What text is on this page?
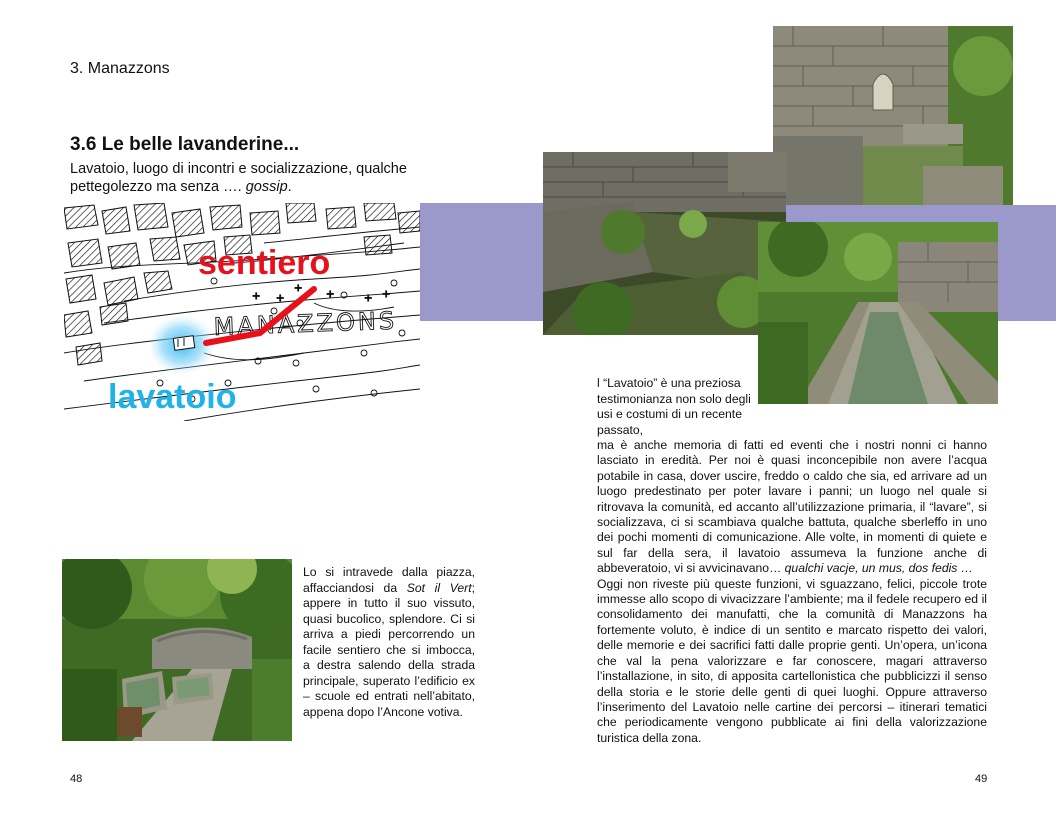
3. Manazzons
3.6 Le belle lavanderine...
Lavatoio, luogo di incontri e socializzazione, qualche pettegolezzo ma senza …. gossip.
+ +	+	+ +
+
MANAZZONS
sentiero
lavatoio
Lo si intravede dalla piazza, affacciandosi da Sot il Vert; appere in tutto il suo vissuto, quasi bucolico, splendore. Ci si arriva a piedi percorrendo un facile sentiero che si imbocca, a destra salendo della strada principale, superato l’edificio ex – scuole ed entrati nell’abitato, appena dopo l’Ancone votiva.
48
l “Lavatoio” è una preziosa testimonianza non solo degli usi e costumi di un recente passato,

ma è anche memoria di fatti ed eventi che i nostri nonni ci hanno lasciato in eredità. Per noi è quasi inconcepibile non avere l’acqua potabile in casa, dover uscire, freddo o caldo che sia, ed arrivare ad un luogo predestinato per poter lavare i panni; un luogo nel quale si ritrovava la comunità, ed accanto all’utilizzazione primaria, il “lavare”, si socializzava, ci si scambiava qualche battuta, qualche sberleffo in uno dei pochi momenti di comunicazione. Alle volte, in momenti di quiete e sul far della sera, il lavatoio assumeva la funzione anche di abbeveratoio, vi si avvicinavano… qualchi vacje, un mus, dos fedis …

Oggi non riveste più queste funzioni, vi sguazzano, felici, piccole trote immesse allo scopo di vivacizzare l’ambiente; ma il fedele recupero ed il consolidamento dei manufatti, che la comunità di Manazzons ha fortemente voluto, è indice di un sentito e marcato rispetto dei valori, delle memorie e dei sacrifici fatti dalle proprie genti. Un’opera, un’icona che val la pena valorizzare e far conoscere, magari attraverso l’installazione, in sito, di apposita cartellonistica che pubblicizzi il senso della storia e le storie delle genti di quei luoghi. Oppure attraverso l’inserimento del Lavatoio nelle cartine dei percorsi – itinerari tematici che periodicamente vengono pubblicate ai fini della valorizzazione turistica della zona.

49
